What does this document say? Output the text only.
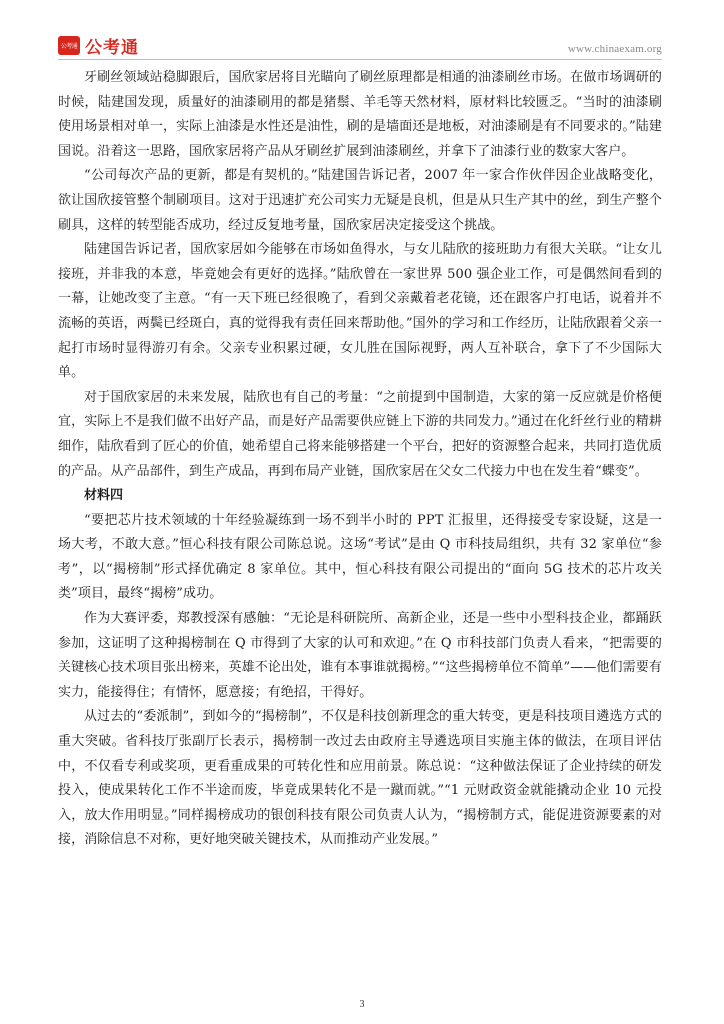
公考通 公考通	www.chinaexam.org

牙刷丝领域站稳脚跟后，国欣家居将目光瞄向了刷丝原理都是相通的油漆刷丝市场。在做市场调研的时候，陆建国发现，质量好的油漆刷用的都是猪鬃、羊毛等天然材料，原材料比较匮乏。“当时的油漆刷使用场景相对单一，实际上油漆是水性还是油性，刷的是墙面还是地板，对油漆刷是有不同要求的。”陆建国说。沿着这一思路，国欣家居将产品从牙刷丝扩展到油漆刷丝，并拿下了油漆行业的数家大客户。

“公司每次产品的更新，都是有契机的。”陆建国告诉记者，2007 年一家合作伙伴因企业战略变化，欲让国欣接管整个制刷项目。这对于迅速扩充公司实力无疑是良机，但是从只生产其中的丝，到生产整个刷具，这样的转型能否成功，经过反复地考量，国欣家居决定接受这个挑战。

陆建国告诉记者，国欣家居如今能够在市场如鱼得水，与女儿陆欣的接班助力有很大关联。“让女儿接班，并非我的本意，毕竟她会有更好的选择。”陆欣曾在一家世界 500 强企业工作，可是偶然间看到的一幕，让她改变了主意。“有一天下班已经很晚了，看到父亲戴着老花镜，还在跟客户打电话，说着并不流畅的英语，两鬓已经斑白，真的觉得我有责任回来帮助他。”国外的学习和工作经历，让陆欣跟着父亲一起打市场时显得游刃有余。父亲专业积累过硬，女儿胜在国际视野，两人互补联合，拿下了不少国际大单。

对于国欣家居的未来发展，陆欣也有自己的考量：“之前提到中国制造，大家的第一反应就是价格便宜，实际上不是我们做不出好产品，而是好产品需要供应链上下游的共同发力。”通过在化纤丝行业的精耕细作，陆欣看到了匠心的价值，她希望自己将来能够搭建一个平台，把好的资源整合起来，共同打造优质的产品。从产品部件，到生产成品，再到布局产业链，国欣家居在父女二代接力中也在发生着“蝶变”。

材料四

“要把芯片技术领域的十年经验凝练到一场不到半小时的 PPT 汇报里，还得接受专家设疑，这是一场大考，不敢大意。”恒心科技有限公司陈总说。这场“考试”是由 Q 市科技局组织，共有 32 家单位“参考”，以“揭榜制”形式择优确定 8 家单位。其中，恒心科技有限公司提出的“面向 5G 技术的芯片攻关类”项目，最终“揭榜”成功。

作为大赛评委，郑教授深有感触：“无论是科研院所、高新企业，还是一些中小型科技企业，都踊跃参加，这证明了这种揭榜制在 Q 市得到了大家的认可和欢迎。”在 Q 市科技部门负责人看来，“把需要的关键核心技术项目张出榜来，英雄不论出处，谁有本事谁就揭榜。”“这些揭榜单位不简单”——他们需要有实力，能接得住；有情怀，愿意接；有绝招，干得好。

从过去的“委派制”，到如今的“揭榜制”，不仅是科技创新理念的重大转变，更是科技项目遴选方式的重大突破。省科技厅张副厅长表示，揭榜制一改过去由政府主导遴选项目实施主体的做法，在项目评估中，不仅看专利或奖项，更看重成果的可转化性和应用前景。陈总说：“这种做法保证了企业持续的研发投入，使成果转化工作不半途而废，毕竟成果转化不是一蹴而就。”“1 元财政资金就能撬动企业 10 元投入，放大作用明显。”同样揭榜成功的银创科技有限公司负责人认为，“揭榜制方式，能促进资源要素的对接，消除信息不对称，更好地突破关键技术，从而推动产业发展。”

3
